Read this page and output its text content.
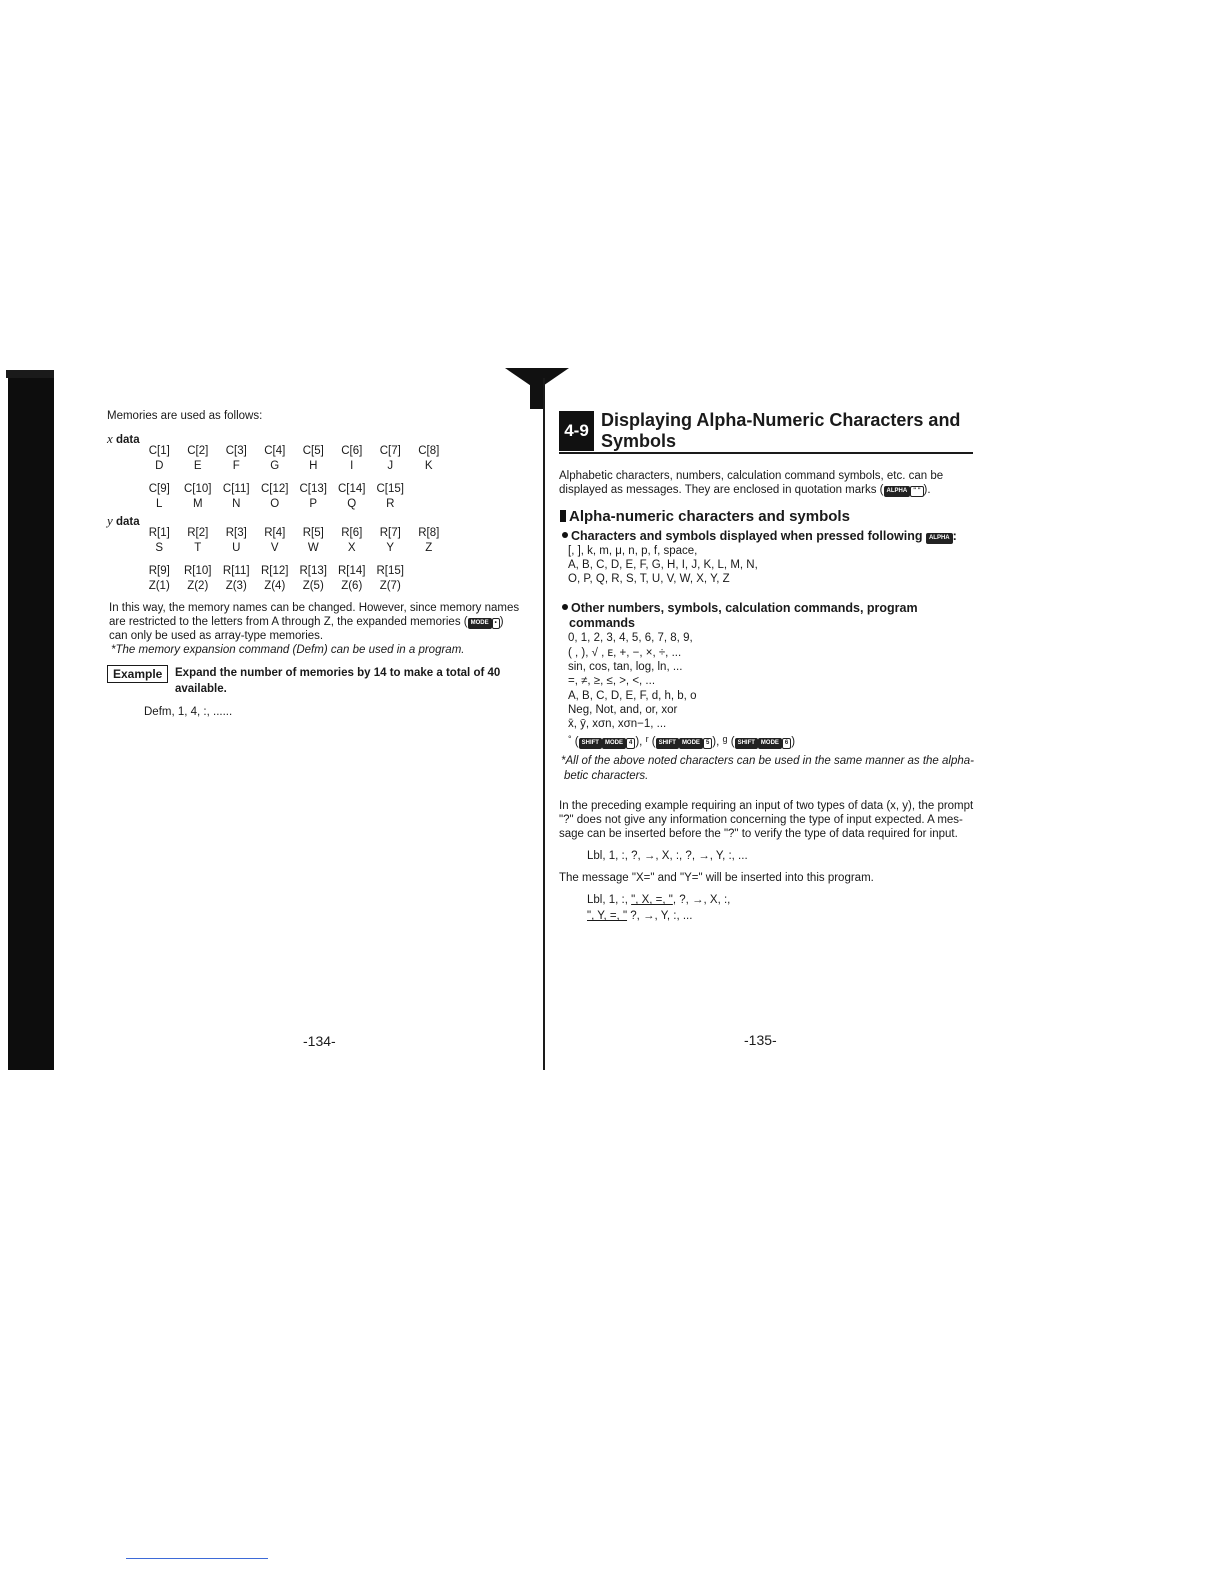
Memories are used as follows:
x data
C[1]	C[2]	C[3]	C[4]	C[5]	C[6]	C[7]	C[8]
D	E	F	G	H	I	J	K
C[9]	C[10] C[11] C[12] C[13] C[14] C[15]
L	M	N	O	P	Q	R
y data
R[1]	R[2]	R[3]	R[4]	R[5]	R[6]	R[7]	R[8]
S	T	U	V	W	X	Y	Z
R[9]	R[10] R[11] R[12] R[13] R[14] R[15]
Z(1)	Z(2)	Z(3)	Z(4)	Z(5)	Z(6)	Z(7)
In this way, the memory names can be changed. However, since memory names
are restricted to the letters from A through Z, the expanded memories ( MODE • )
can only be used as array-type memories.
*The memory expansion command (Defm) can be used in a program.
Example	Expand the number of memories by 14 to make a total of 40
available.
Defm, 1, 4, :, ......
-134-
4-9
Displaying Alpha-Numeric Characters and
Symbols
Alphabetic characters, numbers, calculation command symbols, etc. can be
displayed as messages. They are enclosed in quotation marks ( ALPHA " " ).
Alpha-numeric characters and symbols
Characters and symbols displayed when pressed following ALPHA :
[, ], k, m, μ, n, p, f, space,
A, B, C, D, E, F, G, H, I, J, K, L, M, N,
O, P, Q, R, S, T, U, V, W, X, Y, Z
Other numbers, symbols, calculation commands, program
commands
0, 1, 2, 3, 4, 5, 6, 7, 8, 9,
( , ), √ , ᴇ, +, −, ×, ÷, ...
sin, cos, tan, log, ln, ...
=, ≠, ≥, ≤, >, <, ...
A, B, C, D, E, F, d, h, b, o
Neg, Not, and, or, xor
x̄, ȳ, xσn, xσn−1, ...
° ( SHIFT MODE 4 ), $^r$ ( SHIFT MODE 5 ), $^g$ ( SHIFT MODE 6 )
*All of the above noted characters can be used in the same manner as the alpha-
betic characters.
In the preceding example requiring an input of two types of data (x, y), the prompt
"?" does not give any information concerning the type of input expected. A mes-
sage can be inserted before the "?" to verify the type of data required for input.
Lbl, 1, :, ?, →, X, :, ?, →, Y, :, ...
The message "X=" and "Y=" will be inserted into this program.
Lbl, 1, :, ", X, =, ", ?, →, X, :,
", Y, =, " ?, →, Y, :, ...
-135-
